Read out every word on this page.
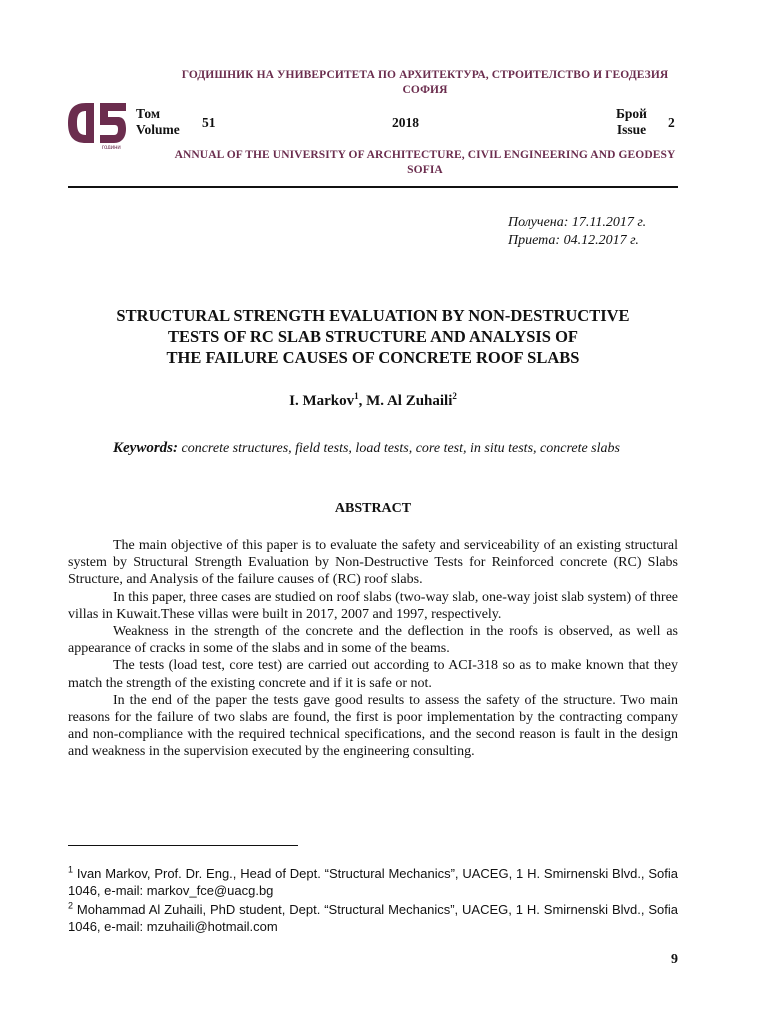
ГОДИШНИК НА УНИВЕРСИТЕТА ПО АРХИТЕКТУРА, СТРОИТЕЛСТВО И ГЕОДЕЗИЯ
СОФИЯ
години
Том
Volume 51	2018
Брой
Issue 2
ANNUAL OF THE UNIVERSITY OF ARCHITECTURE, CIVIL ENGINEERING AND GEODESY
SOFIA
Получена: 17.11.2017 г.
Приета: 04.12.2017 г.
STRUCTURAL STRENGTH EVALUATION BY NON-DESTRUCTIVE
TESTS OF RC SLAB STRUCTURE AND ANALYSIS OF
THE FAILURE CAUSES OF CONCRETE ROOF SLABS
I. Markov$^1$, M. Al Zuhaili$^2$
Keywords: concrete structures, field tests, load tests, core test, in situ tests, concrete slabs
ABSTRACT

The main objective of this paper is to evaluate the safety and serviceability of an existing structural system by Structural Strength Evaluation by Non-Destructive Tests for Reinforced concrete (RC) Slabs Structure, and Analysis of the failure causes of (RC) roof slabs.

In this paper, three cases are studied on roof slabs (two-way slab, one-way joist slab system) of three villas in Kuwait.These villas were built in 2017, 2007 and 1997, respectively.

Weakness in the strength of the concrete and the deflection in the roofs is observed, as well as appearance of cracks in some of the slabs and in some of the beams.

The tests (load test, core test) are carried out according to ACI-318 so as to make known that they match the strength of the existing concrete and if it is safe or not.

In the end of the paper the tests gave good results to assess the safety of the structure. Two main reasons for the failure of two slabs are found, the first is poor implementation by the contracting company and non-compliance with the required technical specifications, and the second reason is fault in the design and weakness in the supervision executed by the engineering consulting.

$^1$ Ivan Markov, Prof. Dr. Eng., Head of Dept. “Structural Mechanics”, UACEG, 1 H. Smirnenski Blvd., Sofia 1046, e-mail: markov_fce@uacg.bg

$^2$ Mohammad Al Zuhaili, PhD student, Dept. “Structural Mechanics”, UACEG, 1 H. Smirnenski Blvd., Sofia 1046, e-mail: mzuhaili@hotmail.com

9
